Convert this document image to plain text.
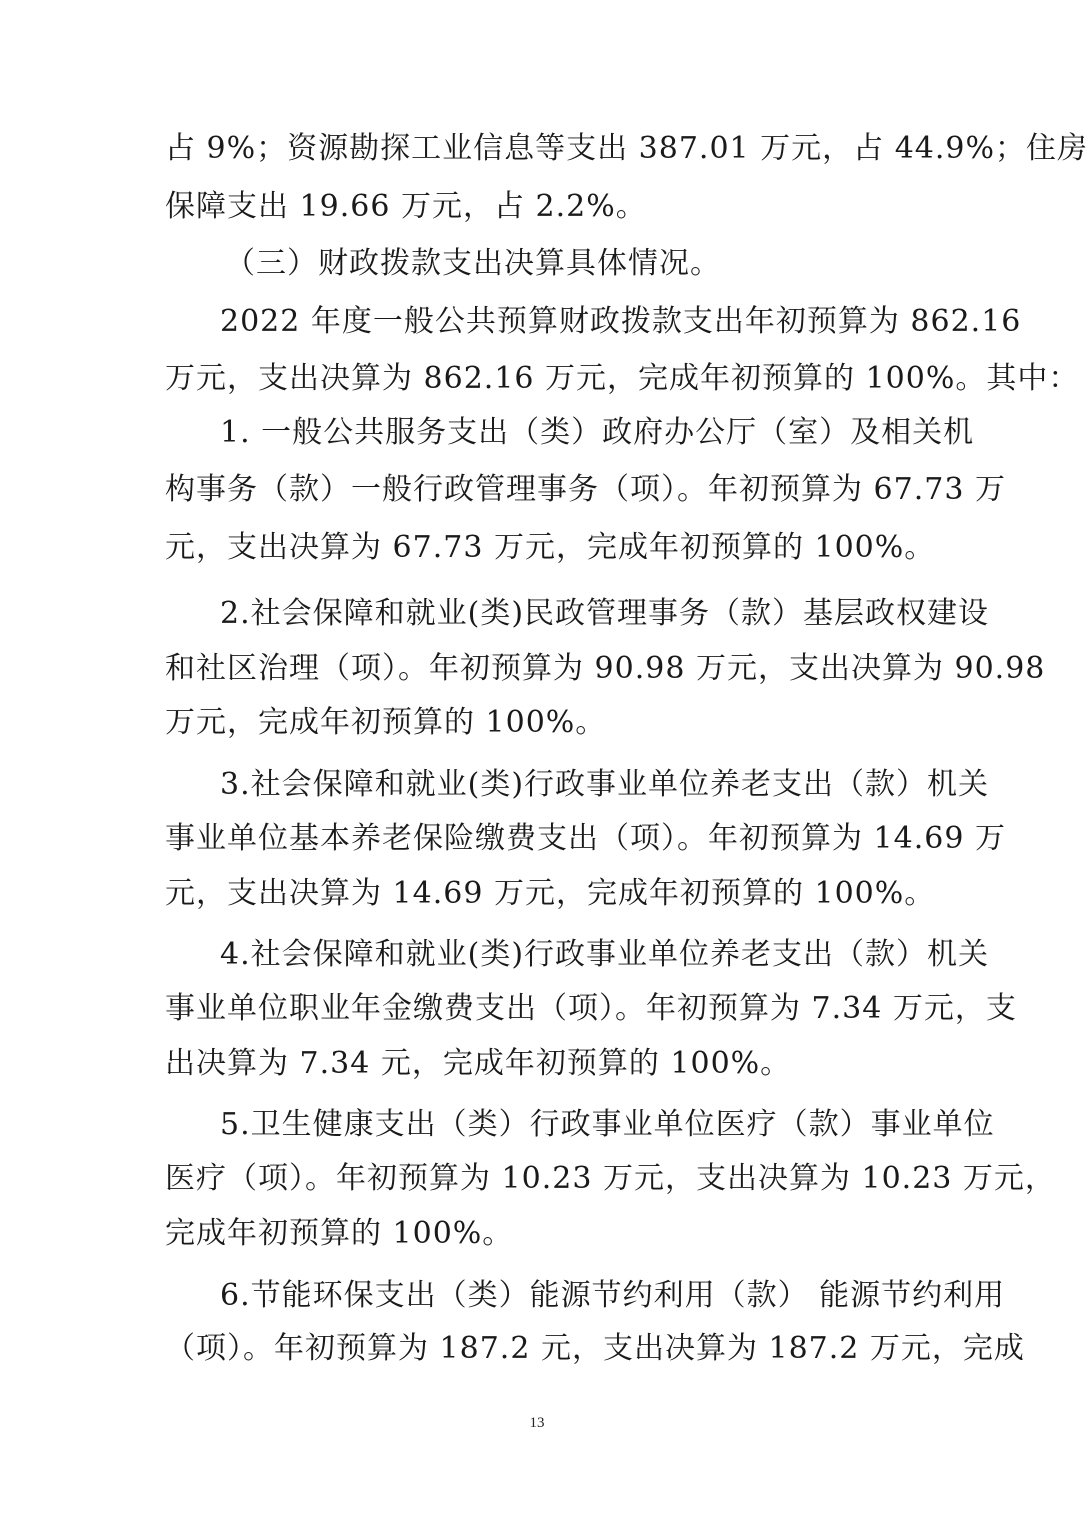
占 9%；资源勘探工业信息等支出 387.01 万元，占 44.9%；住房
保障支出 19.66 万元，占 2.2%。
（三）财政拨款支出决算具体情况。
2022 年度一般公共预算财政拨款支出年初预算为 862.16
万元，支出决算为 862.16 万元，完成年初预算的 100%。其中：
1. 一般公共服务支出（类）政府办公厅（室）及相关机
构事务（款）一般行政管理事务（项）。年初预算为 67.73 万
元，支出决算为 67.73 万元，完成年初预算的 100%。
2.社会保障和就业(类)民政管理事务（款）基层政权建设
和社区治理（项）。年初预算为 90.98 万元，支出决算为 90.98
万元，完成年初预算的 100%。
3.社会保障和就业(类)行政事业单位养老支出（款）机关
事业单位基本养老保险缴费支出（项）。年初预算为 14.69 万
元，支出决算为 14.69 万元，完成年初预算的 100%。
4.社会保障和就业(类)行政事业单位养老支出（款）机关
事业单位职业年金缴费支出（项）。年初预算为 7.34 万元，支
出决算为 7.34 元，完成年初预算的 100%。
5.卫生健康支出（类）行政事业单位医疗（款）事业单位
医疗（项）。年初预算为 10.23 万元，支出决算为 10.23 万元，
完成年初预算的 100%。
6.节能环保支出（类）能源节约利用（款） 能源节约利用
（项）。年初预算为 187.2 元，支出决算为 187.2 万元，完成
13
